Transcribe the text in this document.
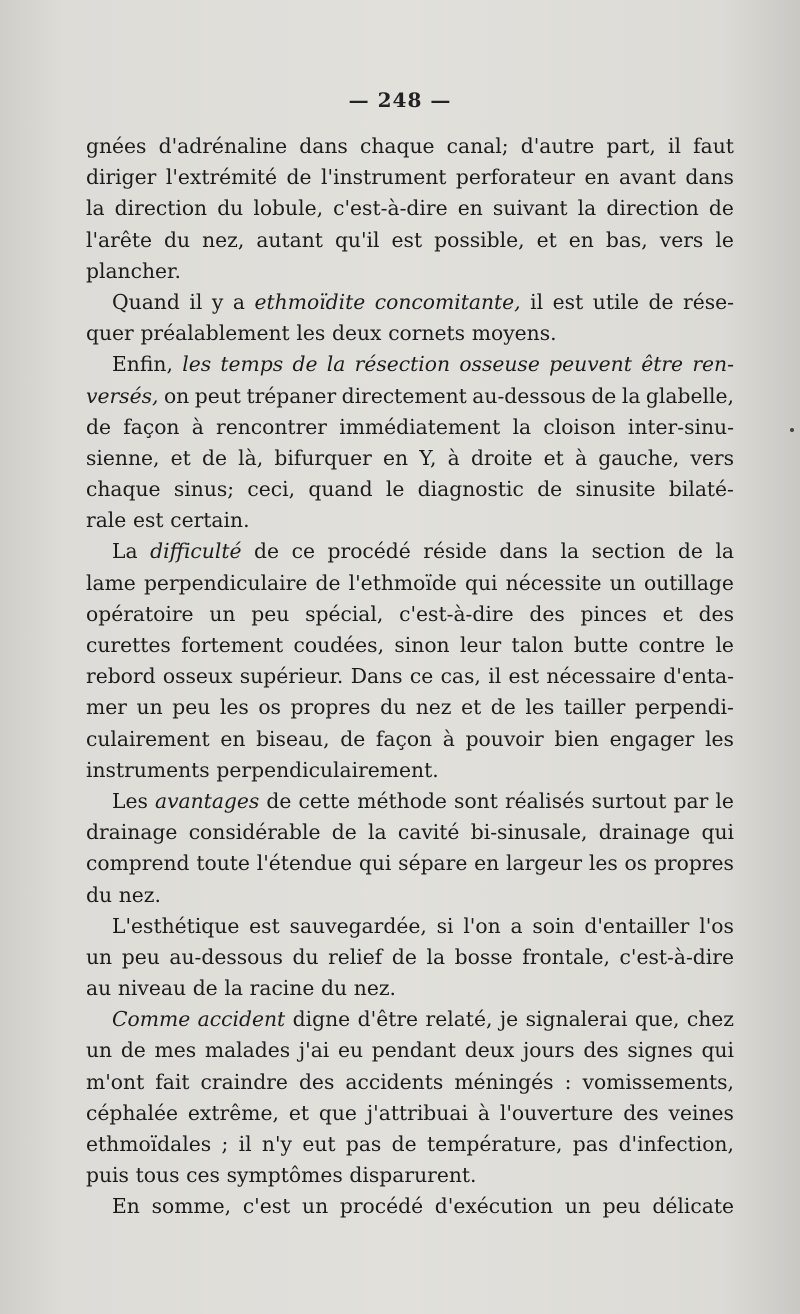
— 248 —
gnées d'adrénaline dans chaque canal; d'autre part, il faut
diriger l'extrémité de l'instrument perforateur en avant dans
la direction du lobule, c'est-à-dire en suivant la direction de
l'arête du nez, autant qu'il est possible, et en bas, vers le
plancher.
Quand il y a ethmoïdite concomitante, il est utile de rése-
quer préalablement les deux cornets moyens.
Enfin, les temps de la résection osseuse peuvent être ren-
versés, on peut trépaner directement au-dessous de la glabelle,
de façon à rencontrer immédiatement la cloison inter-sinu-
sienne, et de là, bifurquer en Y, à droite et à gauche, vers
chaque sinus; ceci, quand le diagnostic de sinusite bilaté-
rale est certain.
La difficulté de ce procédé réside dans la section de la
lame perpendiculaire de l'ethmoïde qui nécessite un outillage
opératoire un peu spécial, c'est-à-dire des pinces et des
curettes fortement coudées, sinon leur talon butte contre le
rebord osseux supérieur. Dans ce cas, il est nécessaire d'enta-
mer un peu les os propres du nez et de les tailler perpendi-
culairement en biseau, de façon à pouvoir bien engager les
instruments perpendiculairement.
Les avantages de cette méthode sont réalisés surtout par le
drainage considérable de la cavité bi-sinusale, drainage qui
comprend toute l'étendue qui sépare en largeur les os propres
du nez.
L'esthétique est sauvegardée, si l'on a soin d'entailler l'os
un peu au-dessous du relief de la bosse frontale, c'est-à-dire
au niveau de la racine du nez.
Comme accident digne d'être relaté, je signalerai que, chez
un de mes malades j'ai eu pendant deux jours des signes qui
m'ont fait craindre des accidents méningés : vomissements,
céphalée extrême, et que j'attribuai à l'ouverture des veines
ethmoïdales ; il n'y eut pas de température, pas d'infection,
puis tous ces symptômes disparurent.
En somme, c'est un procédé d'exécution un peu délicate
